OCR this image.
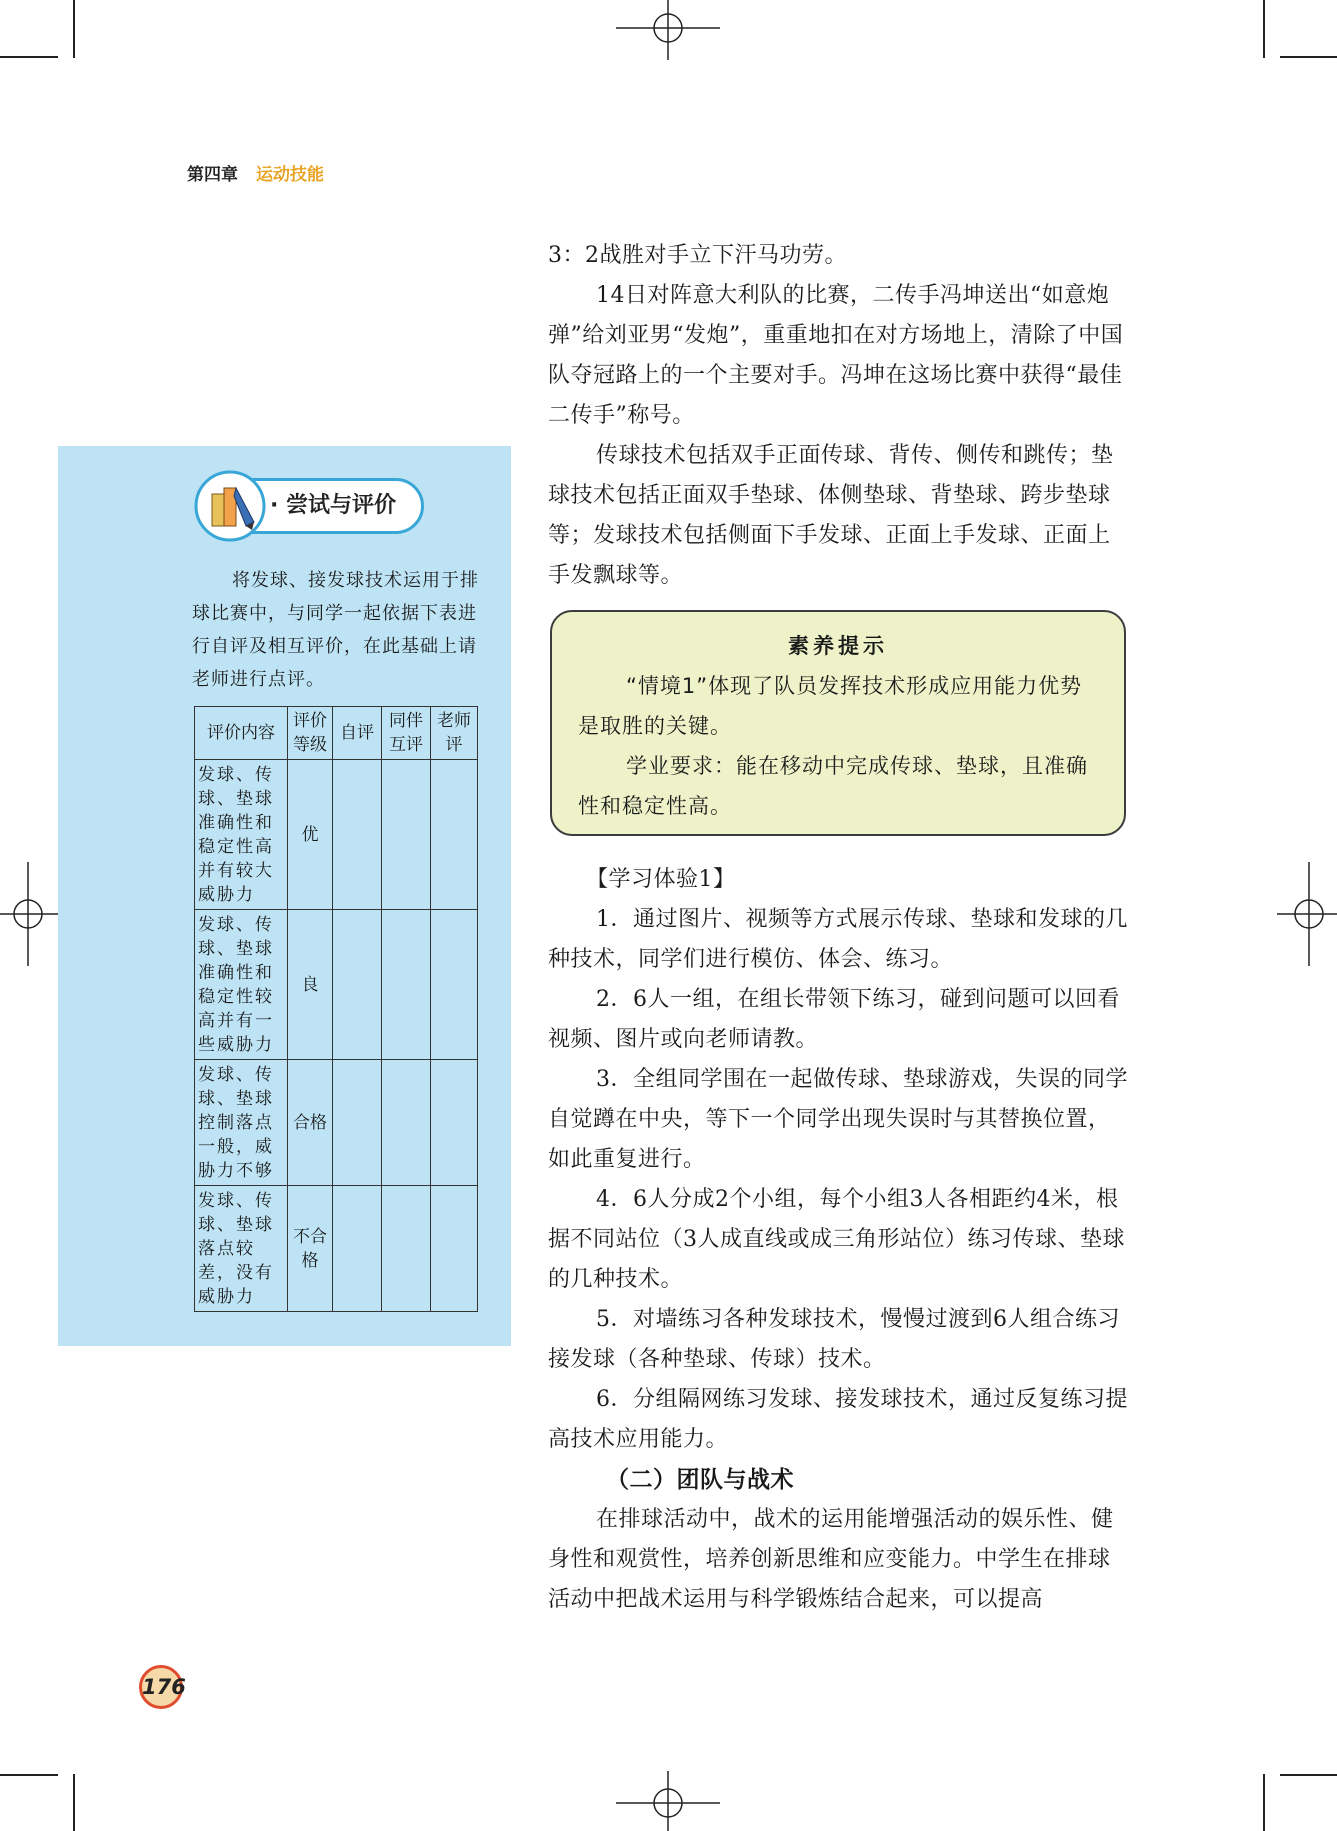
第四章 运动技能

3：2战胜对手立下汗马功劳。

14日对阵意大利队的比赛，二传手冯坤送出“如意炮弹”给刘亚男“发炮”，重重地扣在对方场地上，清除了中国队夺冠路上的一个主要对手。冯坤在这场比赛中获得“最佳二传手”称号。

传球技术包括双手正面传球、背传、侧传和跳传；垫球技术包括正面双手垫球、体侧垫球、背垫球、跨步垫球等；发球技术包括侧面下手发球、正面上手发球、正面上手发飘球等。

素养提示

“情境1”体现了队员发挥技术形成应用能力优势是取胜的关键。

学业要求：能在移动中完成传球、垫球，且准确性和稳定性高。

【学习体验1】

1．通过图片、视频等方式展示传球、垫球和发球的几种技术，同学们进行模仿、体会、练习。

2．6人一组，在组长带领下练习，碰到问题可以回看视频、图片或向老师请教。

3．全组同学围在一起做传球、垫球游戏，失误的同学自觉蹲在中央，等下一个同学出现失误时与其替换位置，如此重复进行。

4．6人分成2个小组，每个小组3人各相距约4米，根据不同站位（3人成直线或成三角形站位）练习传球、垫球的几种技术。

5．对墙练习各种发球技术，慢慢过渡到6人组合练习接发球（各种垫球、传球）技术。

6．分组隔网练习发球、接发球技术，通过反复练习提高技术应用能力。

（二）团队与战术

在排球活动中，战术的运用能增强活动的娱乐性、健身性和观赏性，培养创新思维和应变能力。中学生在排球活动中把战术运用与科学锻炼结合起来，可以提高

· 尝试与评价

将发球、接发球技术运用于排球比赛中，与同学一起依据下表进行自评及相互评价，在此基础上请老师进行点评。

评价内容	评价等级	自评	同伴互评	老师评
发球、传球、垫球准确性和稳定性高并有较大威胁力	优			
发球、传球、垫球准确性和稳定性较高并有一些威胁力	良			
发球、传球、垫球控制落点一般，威胁力不够	合格			
发球、传球、垫球落点较差，没有威胁力	不合格			
176
